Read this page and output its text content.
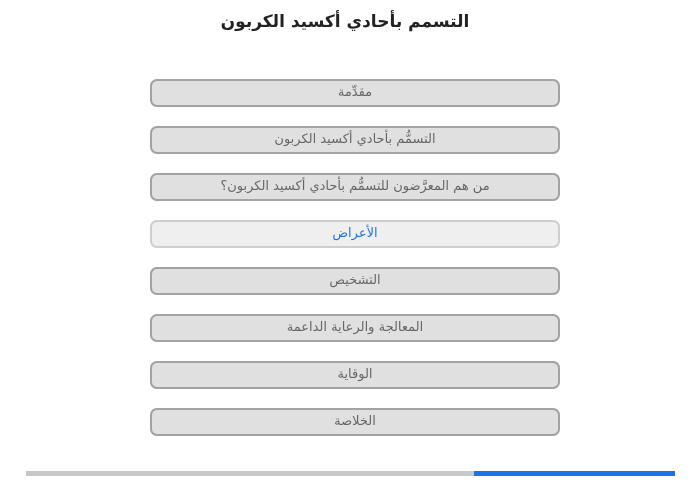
التسمم بأحادي أكسيد الكربون
مقدِّمة
التسمُّم بأحادي أكسيد الكربون
من هم المعرَّضون للتسمُّم بأحادي أكسيد الكربون؟
الأعراض
التشخيص
المعالجة والرعاية الداعمة
الوقاية
الخلاصة
